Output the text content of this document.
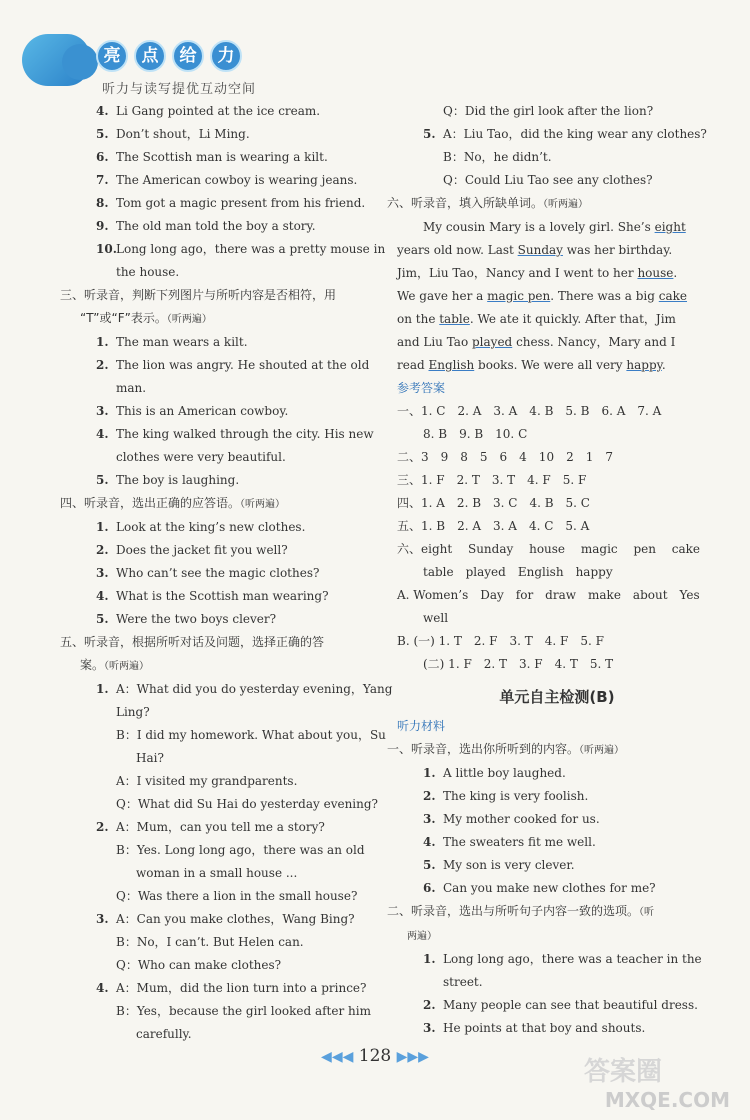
亮	点	给	力
听力与读写提优互动空间
4. Li Gang pointed at the ice cream.
5. Don’t shout，Li Ming.
6. The Scottish man is wearing a kilt.
7. The American cowboy is wearing jeans.
8. Tom got a magic present from his friend.
9. The old man told the boy a story.
10.Long long ago，there was a pretty mouse in
the house.
三、听录音，判断下列图片与所听内容是否相符，用
“T”或“F”表示。（听两遍）
1. The man wears a kilt.
2. The lion was angry. He shouted at the old
man.
3. This is an American cowboy.
4. The king walked through the city. His new
clothes were very beautiful.
5. The boy is laughing.
四、听录音，选出正确的应答语。（听两遍）
1. Look at the king’s new clothes.
2. Does the jacket fit you well?
3. Who can’t see the magic clothes?
4. What is the Scottish man wearing?
5. Were the two boys clever?
五、听录音，根据所听对话及问题，选择正确的答
案。（听两遍）
1. A：What did you do yesterday evening，Yang
Ling?
B：I did my homework. What about you，Su
Hai?
A：I visited my grandparents.
Q：What did Su Hai do yesterday evening?
2. A：Mum，can you tell me a story?
B：Yes. Long long ago，there was an old
woman in a small house ...
Q：Was there a lion in the small house?
3. A：Can you make clothes，Wang Bing?
B：No，I can’t. But Helen can.
Q：Who can make clothes?
4. A：Mum，did the lion turn into a prince?
B：Yes，because the girl looked after him
carefully.
Q：Did the girl look after the lion?
5. A：Liu Tao，did the king wear any clothes?
B：No，he didn’t.
Q：Could Liu Tao see any clothes?
六、听录音，填入所缺单词。（听两遍）
My cousin Mary is a lovely girl. She’s eight
years old now. Last Sunday was her birthday.
Jim，Liu Tao，Nancy and I went to her house.
We gave her a magic pen. There was a big cake
on the table. We ate it quickly. After that，Jim
and Liu Tao played chess. Nancy，Mary and I
read English books. We were all very happy.
参考答案
一、1. C　2. A　3. A　4. B　5. B　6. A　7. A
8. B　9. B　10. C
二、3　9　8　5　6　4　10　2　1　7
三、1. F　2. T　3. T　4. F　5. F
四、1. A　2. B　3. C　4. B　5. C
五、1. B　2. A　3. A　4. C　5. A
六、eight　 Sunday　 house　 magic　 pen　 cake
table　played　English　happy
A. Women’s　Day　for　draw　make　about　Yes
well
B. (一) 1. T　2. F　3. T　4. F　5. F
(二) 1. F　2. T　3. F　4. T　5. T
单元自主检测(B)
听力材料
一、听录音，选出你所听到的内容。（听两遍）
1. A little boy laughed.
2. The king is very foolish.
3. My mother cooked for us.
4. The sweaters fit me well.
5. My son is very clever.
6. Can you make new clothes for me?
二、听录音，选出与所听句子内容一致的选项。（听
两遍）
1. Long long ago，there was a teacher in the
street.
2. Many people can see that beautiful dress.
3. He points at that boy and shouts.
◀◀◀ 128 ▶▶▶	答案圈
MXQE.COM
